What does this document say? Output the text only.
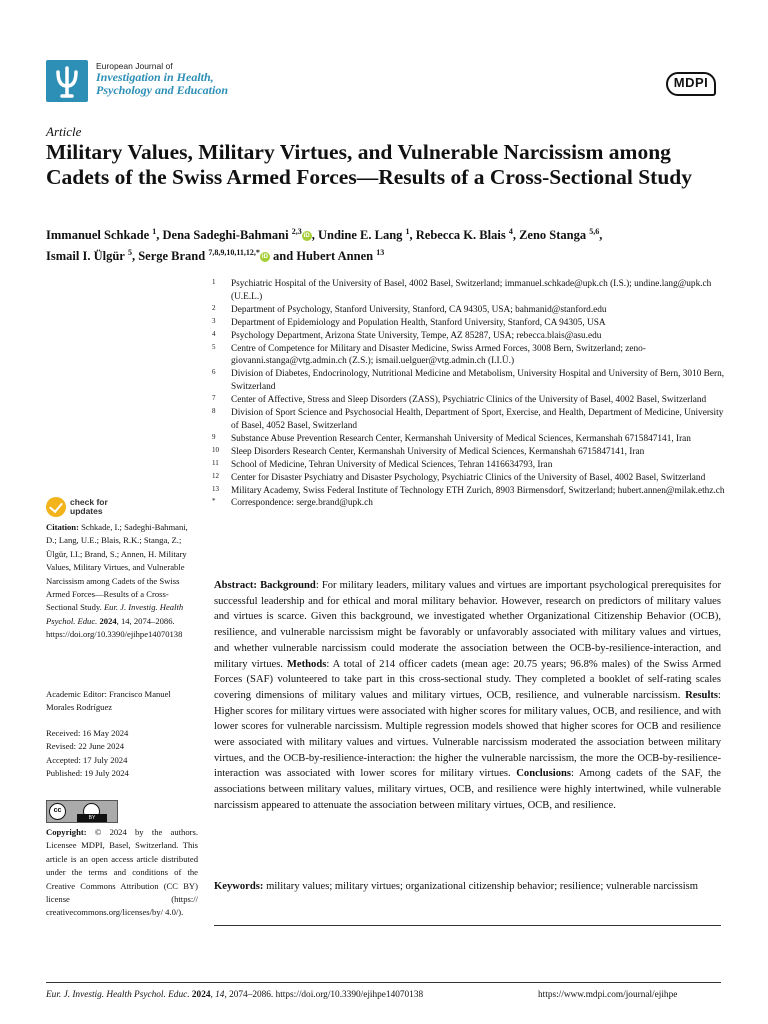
European Journal of
Investigation in Health,
Psychology and Education	MDPI
Article
Military Values, Military Virtues, and Vulnerable Narcissism among Cadets of the Swiss Armed Forces—Results of a Cross-Sectional Study
Immanuel Schkade $^1$, Dena Sadeghi-Bahmani $^{2,3}$iD , Undine E. Lang $^1$, Rebecca K. Blais $^4$, Zeno Stanga $^{5,6}$,
Ismail I. Ülgür $^5$, Serge Brand $^{7,8,9,10,11,12,*}$iD and Hubert Annen $^{13}$
1 Psychiatric Hospital of the University of Basel, 4002 Basel, Switzerland; immanuel.schkade@upk.ch (I.S.); undine.lang@upk.ch (U.E.L.)
2 Department of Psychology, Stanford University, Stanford, CA 94305, USA; bahmanid@stanford.edu
3 Department of Epidemiology and Population Health, Stanford University, Stanford, CA 94305, USA
4 Psychology Department, Arizona State University, Tempe, AZ 85287, USA; rebecca.blais@asu.edu
5 Centre of Competence for Military and Disaster Medicine, Swiss Armed Forces, 3008 Bern, Switzerland; zeno-giovanni.stanga@vtg.admin.ch (Z.S.); ismail.uelguer@vtg.admin.ch (I.I.Ü.)
6 Division of Diabetes, Endocrinology, Nutritional Medicine and Metabolism, University Hospital and University of Bern, 3010 Bern, Switzerland
7 Center of Affective, Stress and Sleep Disorders (ZASS), Psychiatric Clinics of the University of Basel, 4002 Basel, Switzerland
8 Division of Sport Science and Psychosocial Health, Department of Sport, Exercise, and Health, Department of Medicine, University of Basel, 4052 Basel, Switzerland
9 Substance Abuse Prevention Research Center, Kermanshah University of Medical Sciences, Kermanshah 6715847141, Iran
10 Sleep Disorders Research Center, Kermanshah University of Medical Sciences, Kermanshah 6715847141, Iran
11 School of Medicine, Tehran University of Medical Sciences, Tehran 1416634793, Iran
12 Center for Disaster Psychiatry and Disaster Psychology, Psychiatric Clinics of the University of Basel, 4002 Basel, Switzerland
13 Military Academy, Swiss Federal Institute of Technology ETH Zurich, 8903 Birmensdorf, Switzerland; hubert.annen@milak.ethz.ch
* Correspondence: serge.brand@upk.ch
check for
updates
Citation: Schkade, I.; Sadeghi-Bahmani, D.; Lang, U.E.; Blais, R.K.; Stanga, Z.; Ülgür, I.I.; Brand, S.; Annen, H. Military Values, Military Virtues, and Vulnerable Narcissism among Cadets of the Swiss Armed Forces—Results of a Cross-Sectional Study. Eur. J. Investig. Health Psychol. Educ. 2024, 14, 2074–2086. https://doi.org/10.3390/ejihpe14070138
Academic Editor: Francisco Manuel Morales Rodríguez
Received: 16 May 2024
Revised: 22 June 2024
Accepted: 17 July 2024
Published: 19 July 2024
cc
BY
Copyright: © 2024 by the authors. Licensee MDPI, Basel, Switzerland. This article is an open access article distributed under the terms and conditions of the Creative Commons Attribution (CC BY) license (https:// creativecommons.org/licenses/by/ 4.0/).
Abstract: Background: For military leaders, military values and virtues are important psychological prerequisites for successful leadership and for ethical and moral military behavior. However, research on predictors of military values and virtues is scarce. Given this background, we investigated whether Organizational Citizenship Behavior (OCB), resilience, and vulnerable narcissism might be favorably or unfavorably associated with military values and virtues, and whether vulnerable narcissism could moderate the association between the OCB-by-resilience-interaction, and military virtues. Methods: A total of 214 officer cadets (mean age: 20.75 years; 96.8% males) of the Swiss Armed Forces (SAF) volunteered to take part in this cross-sectional study. They completed a booklet of self-rating scales covering dimensions of military values and military virtues, OCB, resilience, and vulnerable narcissism. Results: Higher scores for military virtues were associated with higher scores for military values, OCB, and resilience, and with lower scores for vulnerable narcissism. Multiple regression models showed that higher scores for OCB and resilience were associated with military values and virtues. Vulnerable narcissism moderated the association between military virtues, and the OCB-by-resilience-interaction: the higher the vulnerable narcissism, the more the OCB-by-resilience-interaction was associated with lower scores for military virtues. Conclusions: Among cadets of the SAF, the associations between military values, military virtues, OCB, and resilience were highly intertwined, while vulnerable narcissism appeared to attenuate the association between military virtues, OCB, and resilience.
Keywords: military values; military virtues; organizational citizenship behavior; resilience; vulnerable narcissism
Eur. J. Investig. Health Psychol. Educ. 2024, 14, 2074–2086. https://doi.org/10.3390/ejihpe14070138	https://www.mdpi.com/journal/ejihpe
